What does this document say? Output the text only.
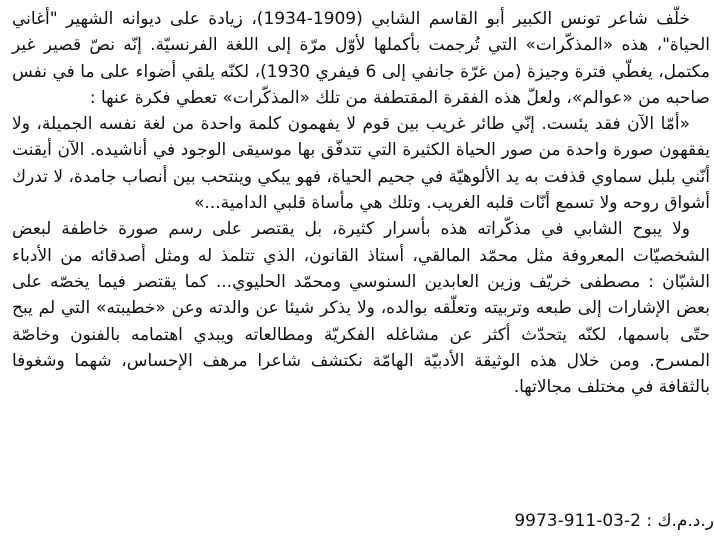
خلّف شاعر تونس الكبير أبو القاسم الشابي (1909-1934)، زيادة على ديوانه الشهير "أغاني الحياة"، هذه «المذكّرات» التي تُرجمت بأكملها لأوّل مرّة إلى اللغة الفرنسيّة. إنّه نصّ قصير غير مكتمل، يغطّي فترة وجيزة (من غرّة جانفي إلى 6 فيفري 1930)، لكنّه يلقي أضواء على ما في نفس صاحبه من «عوالم»، ولعلّ هذه الفقرة المقتطفة من تلك «المذكّرات» تعطي فكرة عنها :

«أمّا الآن فقد يئست. إنّي طائر غريب بين قوم لا يفهمون كلمة واحدة من لغة نفسه الجميلة، ولا يفقهون صورة واحدة من صور الحياة الكثيرة التي تتدفّق بها موسيقى الوجود في أناشيده. الآن أيقنت أنّني بلبل سماوي قذفت به يد الألوهيّة في جحيم الحياة، فهو يبكي وينتحب بين أنصاب جامدة، لا تدرك أشواق روحه ولا تسمع أنّات قلبه الغريب. وتلك هي مأساة قلبي الدامية...»

ولا يبوح الشابي في مذكّراته هذه بأسرار كثيرة، بل يقتصر على رسم صورة خاطفة لبعض الشخصيّات المعروفة مثل محمّد المالقي، أستاذ القانون، الذي تتلمذ له ومثل أصدقائه من الأدباء الشبّان : مصطفى خريّف وزين العابدين السنوسي ومحمّد الحليوي... كما يقتصر فيما يخصّه على بعض الإشارات إلى طبعه وتربيته وتعلّقه بوالده، ولا يذكر شيئا عن والدته وعن «خطيبته» التي لم يبح حتّى باسمها، لكنّه يتحدّث أكثر عن مشاغله الفكريّة ومطالعاته ويبدي اهتمامه بالفنون وخاصّة المسرح. ومن خلال هذه الوثيقة الأدبيّة الهامّة نكتشف شاعرا مرهف الإحساس، شهما وشغوفا بالثقافة في مختلف مجالاتها.

ر.د.م.ك : 9973-911-03-2
